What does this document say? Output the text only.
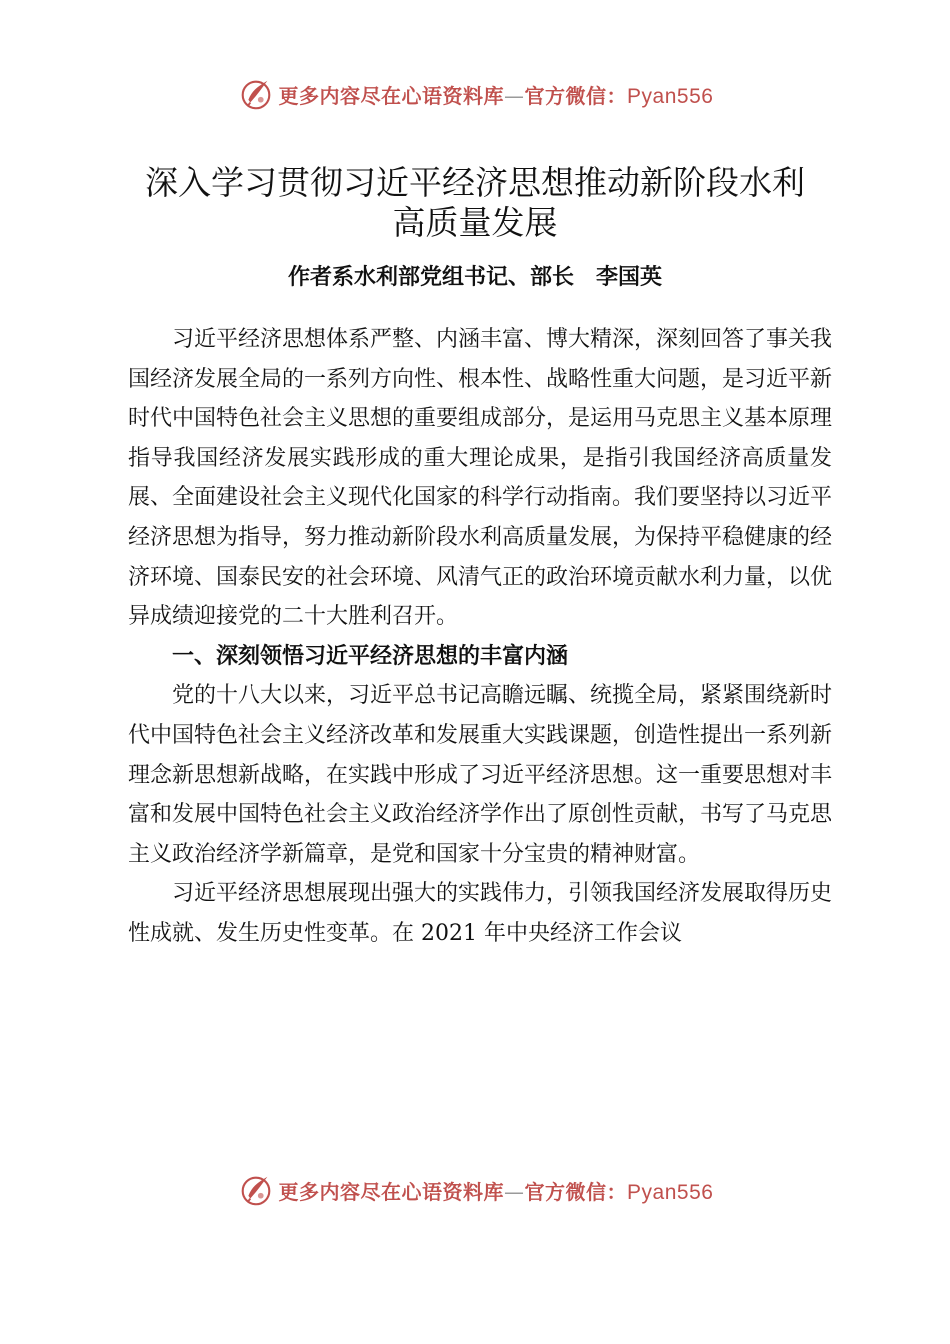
更多内容尽在心语资料库—官方微信：Pyan556
深入学习贯彻习近平经济思想推动新阶段水利
高质量发展
作者系水利部党组书记、部长 李国英

习近平经济思想体系严整、内涵丰富、博大精深，深刻回答了事关我国经济发展全局的一系列方向性、根本性、战略性重大问题，是习近平新时代中国特色社会主义思想的重要组成部分，是运用马克思主义基本原理指导我国经济发展实践形成的重大理论成果，是指引我国经济高质量发展、全面建设社会主义现代化国家的科学行动指南。我们要坚持以习近平经济思想为指导，努力推动新阶段水利高质量发展，为保持平稳健康的经济环境、国泰民安的社会环境、风清气正的政治环境贡献水利力量，以优异成绩迎接党的二十大胜利召开。

一、深刻领悟习近平经济思想的丰富内涵

党的十八大以来，习近平总书记高瞻远瞩、统揽全局，紧紧围绕新时代中国特色社会主义经济改革和发展重大实践课题，创造性提出一系列新理念新思想新战略，在实践中形成了习近平经济思想。这一重要思想对丰富和发展中国特色社会主义政治经济学作出了原创性贡献，书写了马克思主义政治经济学新篇章，是党和国家十分宝贵的精神财富。

习近平经济思想展现出强大的实践伟力，引领我国经济发展取得历史性成就、发生历史性变革。在 2021 年中央经济工作会议

更多内容尽在心语资料库—官方微信：Pyan556
